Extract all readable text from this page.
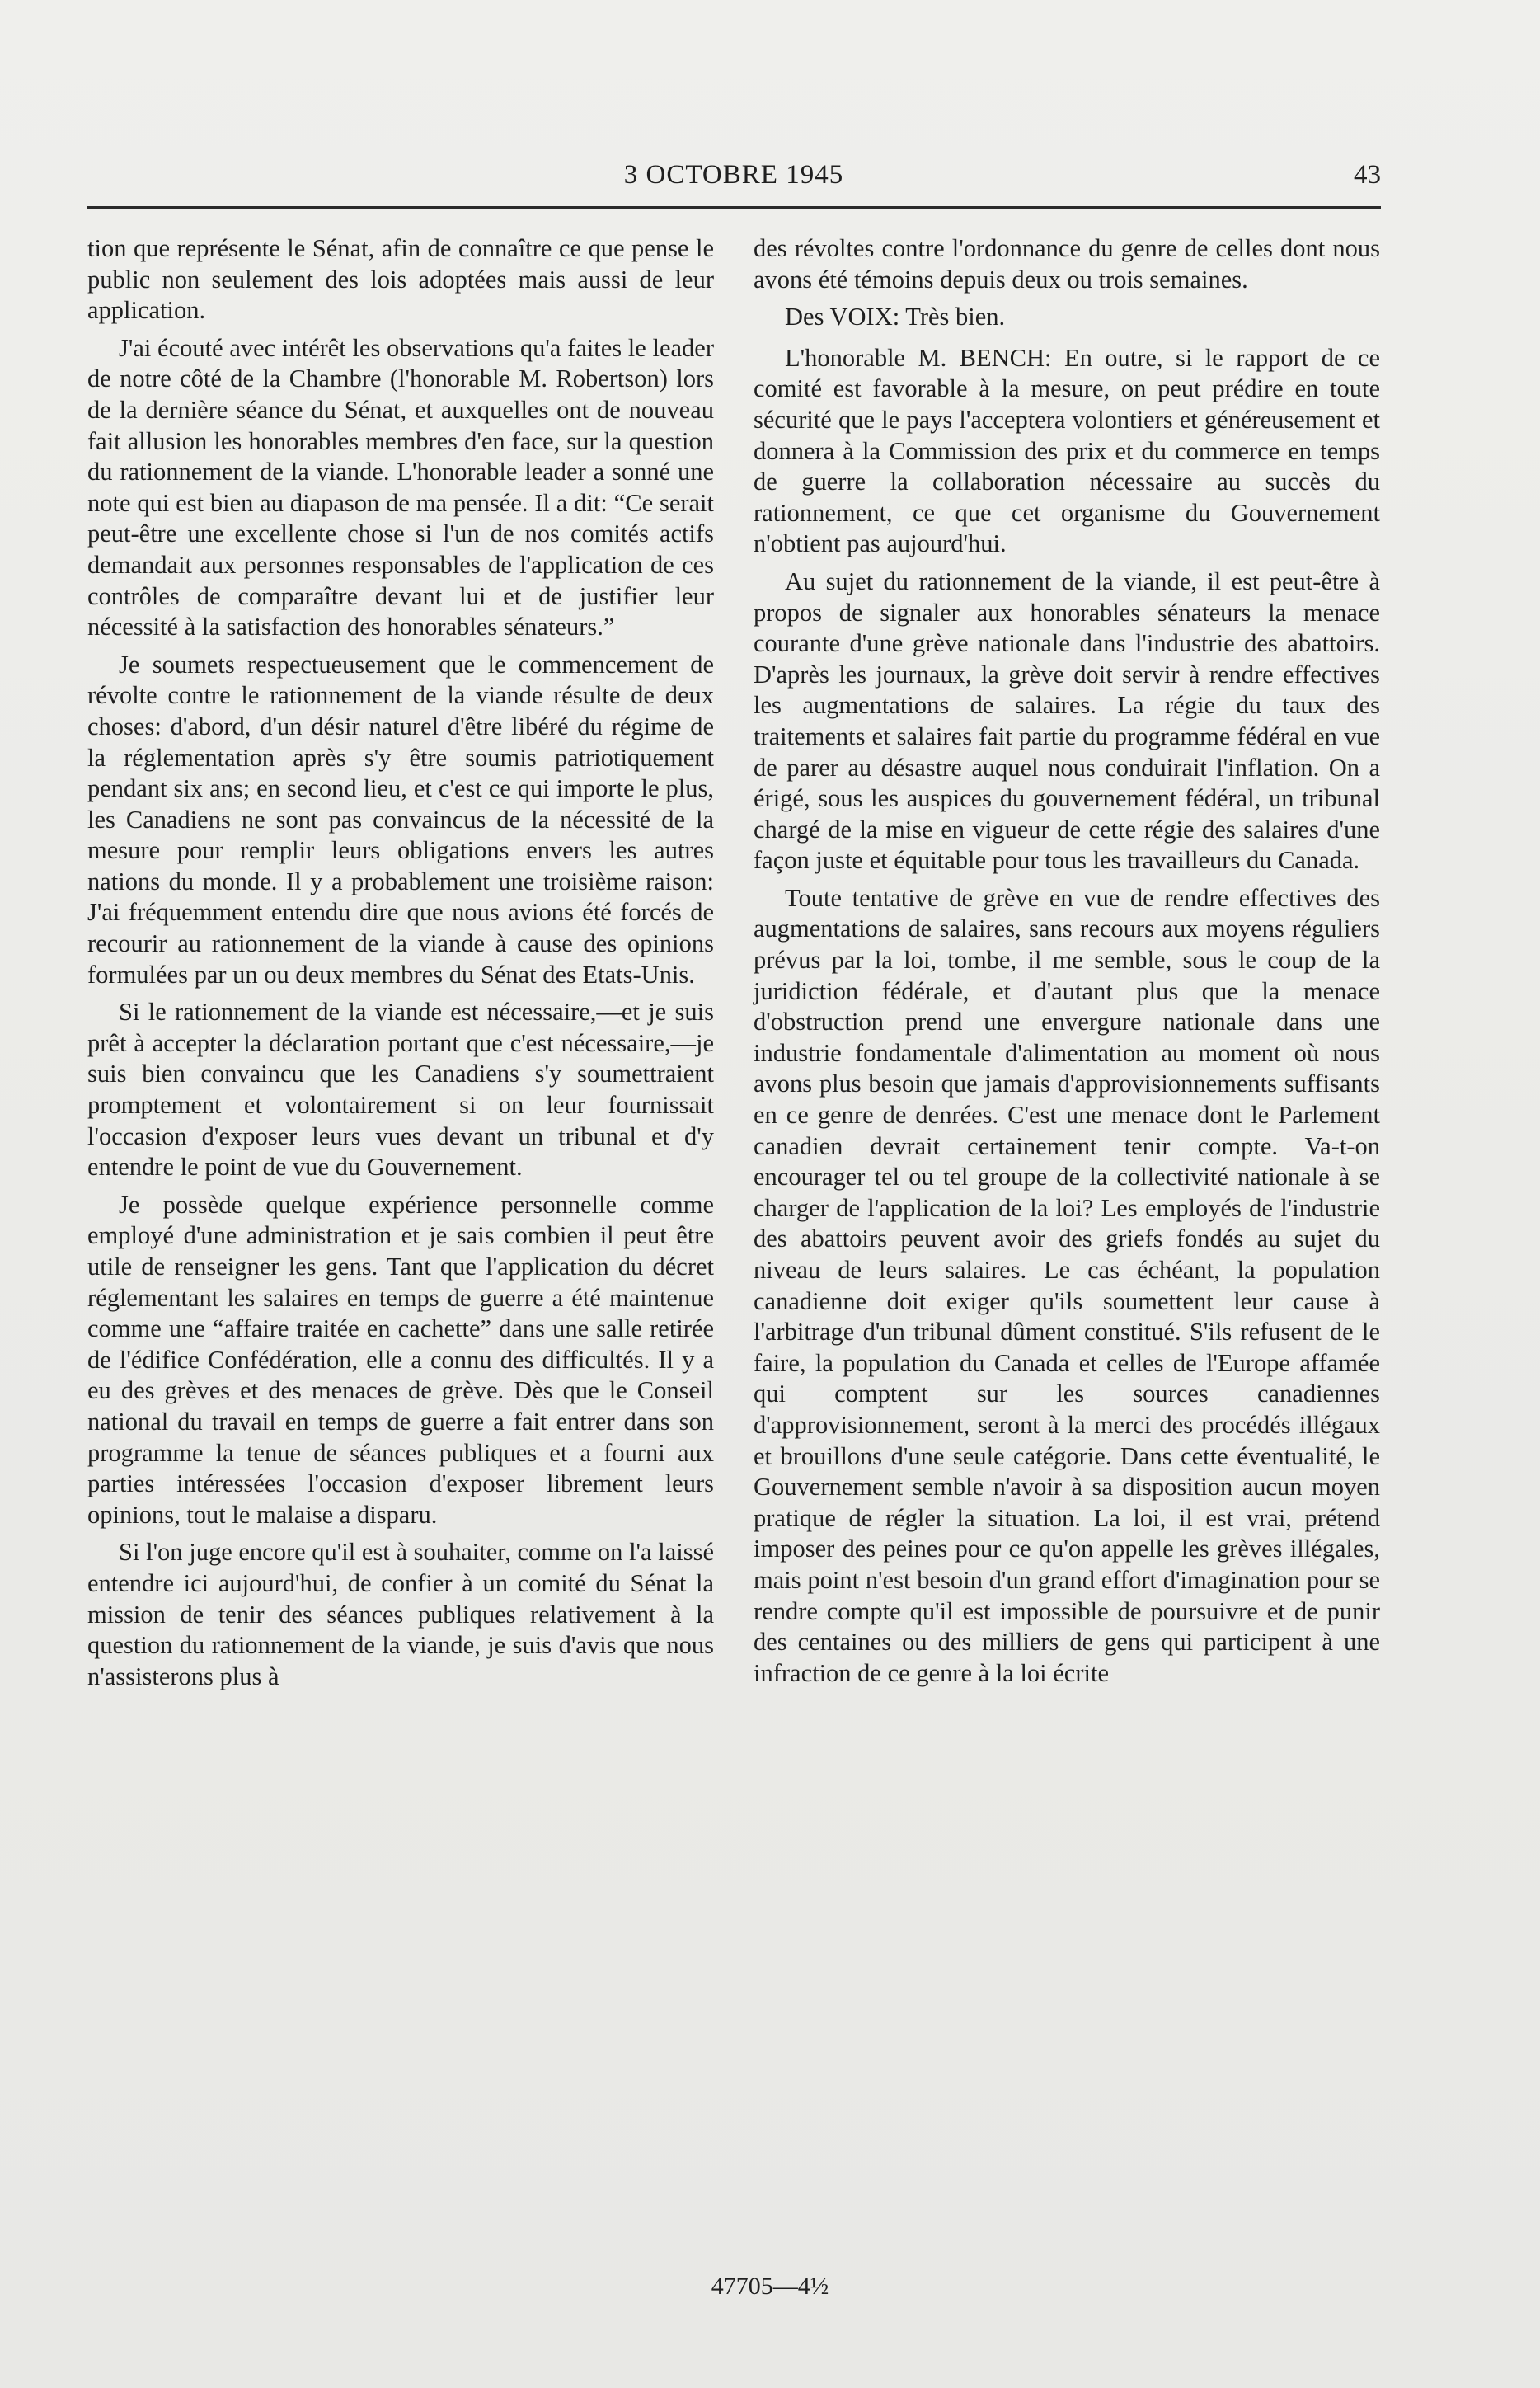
3 OCTOBRE 1945	43

tion que représente le Sénat, afin de connaître ce que pense le public non seulement des lois adoptées mais aussi de leur application.

J'ai écouté avec intérêt les observations qu'a faites le leader de notre côté de la Chambre (l'honorable M. Robertson) lors de la dernière séance du Sénat, et auxquelles ont de nouveau fait allusion les honorables membres d'en face, sur la question du rationnement de la viande. L'honorable leader a sonné une note qui est bien au diapason de ma pensée. Il a dit: “Ce serait peut-être une excellente chose si l'un de nos comités actifs demandait aux personnes responsables de l'application de ces contrôles de comparaître devant lui et de justifier leur nécessité à la satisfaction des honorables sénateurs.”

Je soumets respectueusement que le commencement de révolte contre le rationnement de la viande résulte de deux choses: d'abord, d'un désir naturel d'être libéré du régime de la réglementation après s'y être soumis patriotiquement pendant six ans; en second lieu, et c'est ce qui importe le plus, les Canadiens ne sont pas convaincus de la nécessité de la mesure pour remplir leurs obligations envers les autres nations du monde. Il y a probablement une troisième raison: J'ai fréquemment entendu dire que nous avions été forcés de recourir au rationnement de la viande à cause des opinions formulées par un ou deux membres du Sénat des Etats-Unis.

Si le rationnement de la viande est nécessaire,—et je suis prêt à accepter la déclaration portant que c'est nécessaire,—je suis bien convaincu que les Canadiens s'y soumettraient promptement et volontairement si on leur fournissait l'occasion d'exposer leurs vues devant un tribunal et d'y entendre le point de vue du Gouvernement.

Je possède quelque expérience personnelle comme employé d'une administration et je sais combien il peut être utile de renseigner les gens. Tant que l'application du décret réglementant les salaires en temps de guerre a été maintenue comme une “affaire traitée en cachette” dans une salle retirée de l'édifice Confédération, elle a connu des difficultés. Il y a eu des grèves et des menaces de grève. Dès que le Conseil national du travail en temps de guerre a fait entrer dans son programme la tenue de séances publiques et a fourni aux parties intéressées l'occasion d'exposer librement leurs opinions, tout le malaise a disparu.

Si l'on juge encore qu'il est à souhaiter, comme on l'a laissé entendre ici aujourd'hui, de confier à un comité du Sénat la mission de tenir des séances publiques relativement à la question du rationnement de la viande, je suis d'avis que nous n'assisterons plus à

des révoltes contre l'ordonnance du genre de celles dont nous avons été témoins depuis deux ou trois semaines.

Des VOIX: Très bien.

L'honorable M. BENCH: En outre, si le rapport de ce comité est favorable à la mesure, on peut prédire en toute sécurité que le pays l'acceptera volontiers et généreusement et donnera à la Commission des prix et du commerce en temps de guerre la collaboration nécessaire au succès du rationnement, ce que cet organisme du Gouvernement n'obtient pas aujourd'hui.

Au sujet du rationnement de la viande, il est peut-être à propos de signaler aux honorables sénateurs la menace courante d'une grève nationale dans l'industrie des abattoirs. D'après les journaux, la grève doit servir à rendre effectives les augmentations de salaires. La régie du taux des traitements et salaires fait partie du programme fédéral en vue de parer au désastre auquel nous conduirait l'inflation. On a érigé, sous les auspices du gouvernement fédéral, un tribunal chargé de la mise en vigueur de cette régie des salaires d'une façon juste et équitable pour tous les travailleurs du Canada.

Toute tentative de grève en vue de rendre effectives des augmentations de salaires, sans recours aux moyens réguliers prévus par la loi, tombe, il me semble, sous le coup de la juridiction fédérale, et d'autant plus que la menace d'obstruction prend une envergure nationale dans une industrie fondamentale d'alimentation au moment où nous avons plus besoin que jamais d'approvisionnements suffisants en ce genre de denrées. C'est une menace dont le Parlement canadien devrait certainement tenir compte. Va-t-on encourager tel ou tel groupe de la collectivité nationale à se charger de l'application de la loi? Les employés de l'industrie des abattoirs peuvent avoir des griefs fondés au sujet du niveau de leurs salaires. Le cas échéant, la population canadienne doit exiger qu'ils soumettent leur cause à l'arbitrage d'un tribunal dûment constitué. S'ils refusent de le faire, la population du Canada et celles de l'Europe affamée qui comptent sur les sources canadiennes d'approvisionnement, seront à la merci des procédés illégaux et brouillons d'une seule catégorie. Dans cette éventualité, le Gouvernement semble n'avoir à sa disposition aucun moyen pratique de régler la situation. La loi, il est vrai, prétend imposer des peines pour ce qu'on appelle les grèves illégales, mais point n'est besoin d'un grand effort d'imagination pour se rendre compte qu'il est impossible de poursuivre et de punir des centaines ou des milliers de gens qui participent à une infraction de ce genre à la loi écrite

47705—4½
